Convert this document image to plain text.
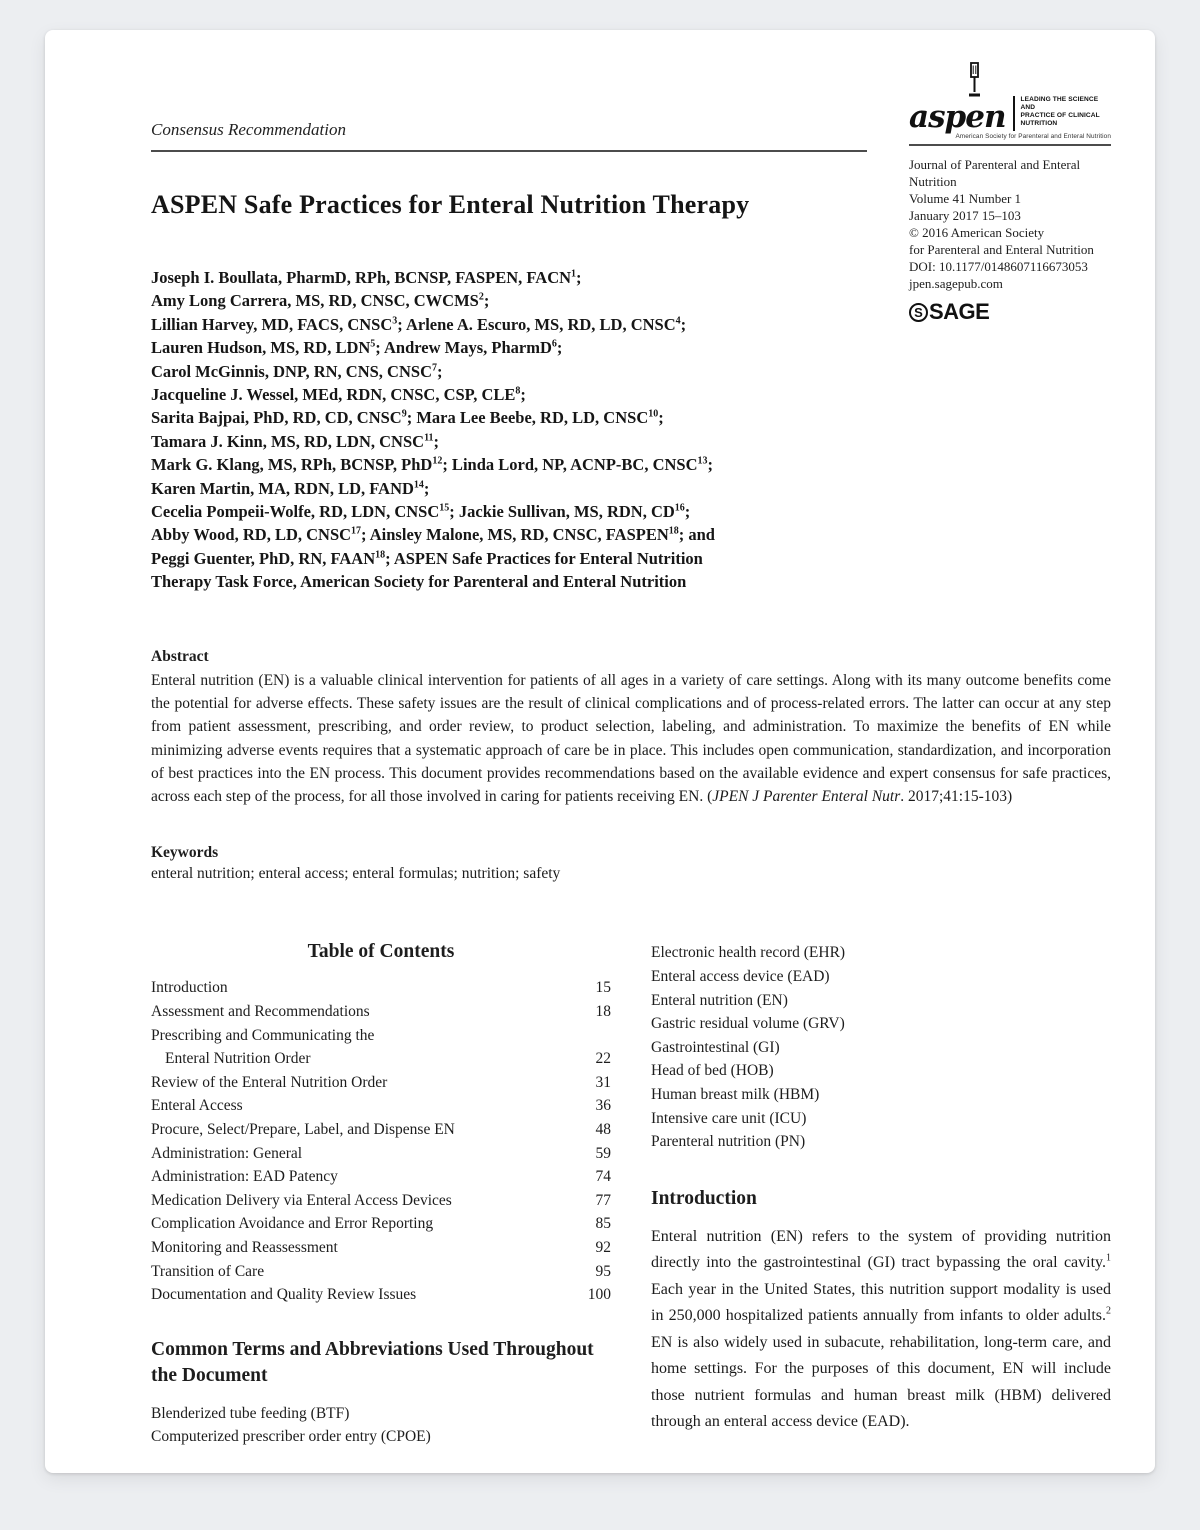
Consensus Recommendation
ASPEN Safe Practices for Enteral Nutrition Therapy
Joseph I. Boullata, PharmD, RPh, BCNSP, FASPEN, FACN$^1$;
Amy Long Carrera, MS, RD, CNSC, CWCMS$^2$;
Lillian Harvey, MD, FACS, CNSC$^3$; Arlene A. Escuro, MS, RD, LD, CNSC$^4$;
Lauren Hudson, MS, RD, LDN$^5$; Andrew Mays, PharmD$^6$;
Carol McGinnis, DNP, RN, CNS, CNSC$^7$;
Jacqueline J. Wessel, MEd, RDN, CNSC, CSP, CLE$^8$;
Sarita Bajpai, PhD, RD, CD, CNSC$^9$; Mara Lee Beebe, RD, LD, CNSC$^{10}$;
Tamara J. Kinn, MS, RD, LDN, CNSC$^{11}$;
Mark G. Klang, MS, RPh, BCNSP, PhD$^{12}$; Linda Lord, NP, ACNP-BC, CNSC$^{13}$;
Karen Martin, MA, RDN, LD, FAND$^{14}$;
Cecelia Pompeii-Wolfe, RD, LDN, CNSC$^{15}$; Jackie Sullivan, MS, RDN, CD$^{16}$;
Abby Wood, RD, LD, CNSC$^{17}$; Ainsley Malone, MS, RD, CNSC, FASPEN$^{18}$; and
Peggi Guenter, PhD, RN, FAAN$^{18}$; ASPEN Safe Practices for Enteral Nutrition
Therapy Task Force, American Society for Parenteral and Enteral Nutrition
aspen	LEADING THE SCIENCE AND
PRACTICE OF CLINICAL NUTRITION
American Society for Parenteral and Enteral Nutrition
Journal of Parenteral and Enteral
Nutrition
Volume 41 Number 1
January 2017 15–103
© 2016 American Society
for Parenteral and Enteral Nutrition
DOI: 10.1177/0148607116673053
jpen.sagepub.com
S SAGE
Abstract
Enteral nutrition (EN) is a valuable clinical intervention for patients of all ages in a variety of care settings. Along with its many outcome benefits come the potential for adverse effects. These safety issues are the result of clinical complications and of process-related errors. The latter can occur at any step from patient assessment, prescribing, and order review, to product selection, labeling, and administration. To maximize the benefits of EN while minimizing adverse events requires that a systematic approach of care be in place. This includes open communication, standardization, and incorporation of best practices into the EN process. This document provides recommendations based on the available evidence and expert consensus for safe practices, across each step of the process, for all those involved in caring for patients receiving EN. (JPEN J Parenter Enteral Nutr. 2017;41:15-103)
Keywords
enteral nutrition; enteral access; enteral formulas; nutrition; safety
Table of Contents
Introduction	15
Assessment and Recommendations	18
Prescribing and Communicating the
Enteral Nutrition Order	22
Review of the Enteral Nutrition Order	31
Enteral Access	36
Procure, Select/Prepare, Label, and Dispense EN	48
Administration: General	59
Administration: EAD Patency	74
Medication Delivery via Enteral Access Devices	77
Complication Avoidance and Error Reporting	85
Monitoring and Reassessment	92
Transition of Care	95
Documentation and Quality Review Issues	100
Common Terms and Abbreviations Used Throughout the Document
Blenderized tube feeding (BTF)
Computerized prescriber order entry (CPOE)
Electronic health record (EHR)
Enteral access device (EAD)
Enteral nutrition (EN)
Gastric residual volume (GRV)
Gastrointestinal (GI)
Head of bed (HOB)
Human breast milk (HBM)
Intensive care unit (ICU)
Parenteral nutrition (PN)
Introduction
Enteral nutrition (EN) refers to the system of providing nutrition directly into the gastrointestinal (GI) tract bypassing the oral cavity.$^1$ Each year in the United States, this nutrition support modality is used in 250,000 hospitalized patients annually from infants to older adults.$^2$ EN is also widely used in subacute, rehabilitation, long-term care, and home settings. For the purposes of this document, EN will include those nutrient formulas and human breast milk (HBM) delivered through an enteral access device (EAD).
